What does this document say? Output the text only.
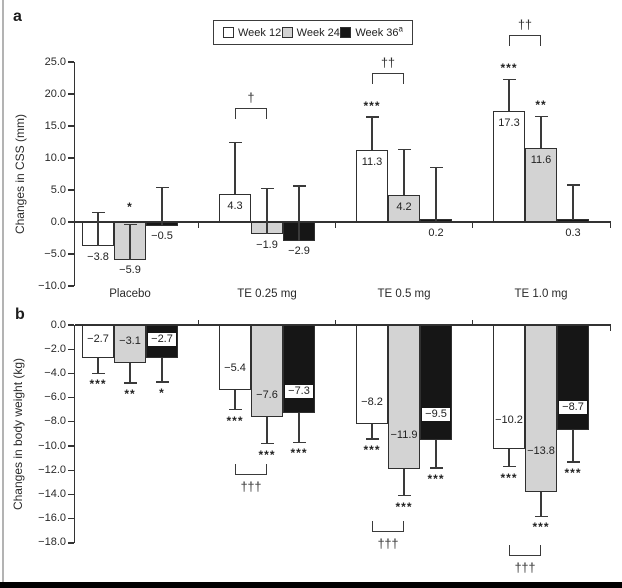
a
b
Changes in CSS (mm)
Changes in body weight (kg)
Week 12 Week 24 Week 36$^a$
25.0
20.0
15.0
10.0
5.0
0.0
−5.0
−10.0
Placebo	TE 0.25 mg	TE 0.5 mg	TE 1.0 mg
−3.8
4.3
11.3
***
17.3
***
−5.9
*
−1.9
4.2
11.6
**
−0.5
−2.9
0.2	0.3
†
††
††
0.0
−2.0
−4.0
−6.0
−8.0
−10.0
−12.0
−14.0
−16.0
−18.0
−2.7
***
−5.4
***
−8.2
***
−10.2
***
−3.1
**	−7.6
***
−11.9
***
−13.8
***
−2.7
*	−7.3
***
−9.5
***
−8.7
***
†††
†††
†††
